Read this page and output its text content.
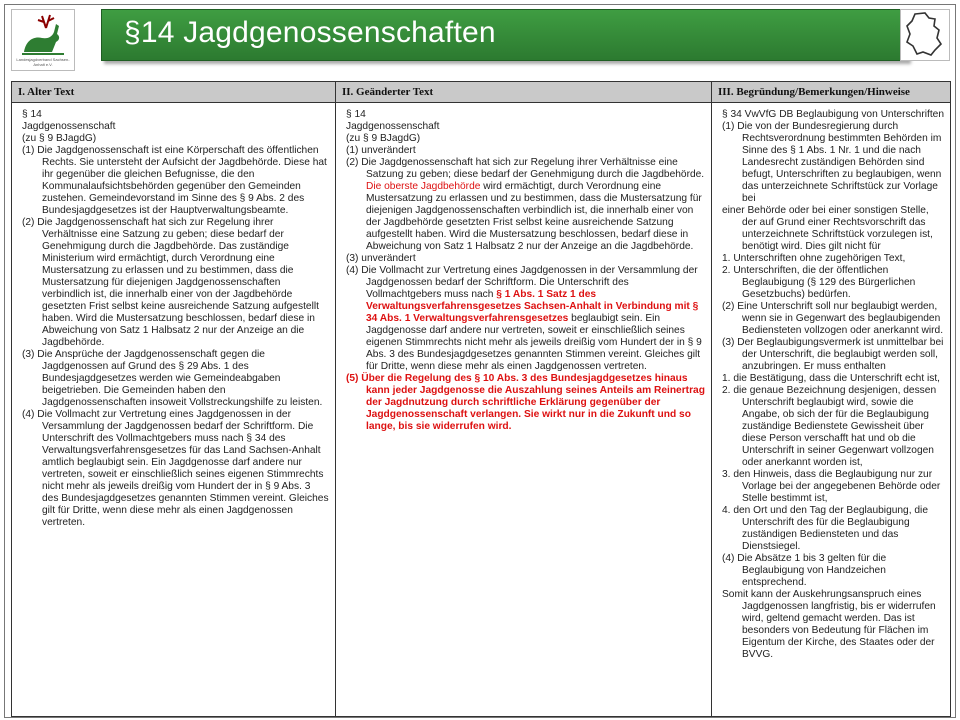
Landesjagdverband Sachsen-Anhalt e.V.
§14 Jagdgenossenschaften
I. Alter Text	II. Geänderter Text	III. Begründung/Bemerkungen/Hinweise

§ 14

Jagdgenossenschaft

(zu § 9 BJagdG)

(1) Die Jagdgenossenschaft ist eine Körperschaft des öffentlichen Rechts. Sie untersteht der Aufsicht der Jagdbehörde. Diese hat ihr gegenüber die gleichen Befugnisse, die den Kommunalaufsichtsbehörden gegenüber den Gemeinden zustehen. Gemeindevorstand im Sinne des § 9 Abs. 2 des Bundesjagdgesetzes ist der Hauptverwaltungsbeamte.

(2) Die Jagdgenossenschaft hat sich zur Regelung ihrer Verhältnisse eine Satzung zu geben; diese bedarf der Genehmigung durch die Jagdbehörde. Das zuständige Ministerium wird ermächtigt, durch Verordnung eine Mustersatzung zu erlassen und zu bestimmen, dass die Mustersatzung für diejenigen Jagdgenossenschaften verbindlich ist, die innerhalb einer von der Jagdbehörde gesetzten Frist selbst keine ausreichende Satzung aufgestellt haben. Wird die Mustersatzung beschlossen, bedarf diese in Abweichung von Satz 1 Halbsatz 2 nur der Anzeige an die Jagdbehörde.

(3) Die Ansprüche der Jagdgenossenschaft gegen die Jagdgenossen auf Grund des § 29 Abs. 1 des Bundesjagdgesetzes werden wie Gemeindeabgaben beigetrieben. Die Gemeinden haben den Jagdgenossenschaften insoweit Vollstreckungshilfe zu leisten.

(4) Die Vollmacht zur Vertretung eines Jagdgenossen in der Versammlung der Jagdgenossen bedarf der Schriftform. Die Unterschrift des Vollmachtgebers muss nach § 34 des Verwaltungsverfahrensgesetzes für das Land Sachsen-Anhalt amtlich beglaubigt sein. Ein Jagdgenosse darf andere nur vertreten, soweit er einschließlich seines eigenen Stimmrechts nicht mehr als jeweils dreißig vom Hundert der in § 9 Abs. 3 des Bundesjagdgesetzes genannten Stimmen vereint. Gleiches gilt für Dritte, wenn diese mehr als einen Jagdgenossen vertreten.

§ 14

Jagdgenossenschaft

(zu § 9 BJagdG)

(1) unverändert

(2) Die Jagdgenossenschaft hat sich zur Regelung ihrer Verhältnisse eine Satzung zu geben; diese bedarf der Genehmigung durch die Jagdbehörde. Die oberste Jagdbehörde wird ermächtigt, durch Verordnung eine Mustersatzung zu erlassen und zu bestimmen, dass die Mustersatzung für diejenigen Jagdgenossenschaften verbindlich ist, die innerhalb einer von der Jagdbehörde gesetzten Frist selbst keine ausreichende Satzung aufgestellt haben. Wird die Mustersatzung beschlossen, bedarf diese in Abweichung von Satz 1 Halbsatz 2 nur der Anzeige an die Jagdbehörde.

(3) unverändert

(4) Die Vollmacht zur Vertretung eines Jagdgenossen in der Versammlung der Jagdgenossen bedarf der Schriftform. Die Unterschrift des Vollmachtgebers muss nach § 1 Abs. 1 Satz 1 des Verwaltungsverfahrensgesetzes Sachsen-Anhalt in Verbindung mit § 34 Abs. 1 Verwaltungsverfahrensgesetzes beglaubigt sein. Ein Jagdgenosse darf andere nur vertreten, soweit er einschließlich seines eigenen Stimmrechts nicht mehr als jeweils dreißig vom Hundert der in § 9 Abs. 3 des Bundesjagdgesetzes genannten Stimmen vereint. Gleiches gilt für Dritte, wenn diese mehr als einen Jagdgenossen vertreten.

(5) Über die Regelung des § 10 Abs. 3 des Bundesjagdgesetzes hinaus kann jeder Jagdgenosse die Auszahlung seines Anteils am Reinertrag der Jagdnutzung durch schriftliche Erklärung gegenüber der Jagdgenossenschaft verlangen. Sie wirkt nur in die Zukunft und so lange, bis sie widerrufen wird.

§ 34 VwVfG DB Beglaubigung von Unterschriften

(1) Die von der Bundesregierung durch Rechtsverordnung bestimmten Behörden im Sinne des § 1 Abs. 1 Nr. 1 und die nach Landesrecht zuständigen Behörden sind befugt, Unterschriften zu beglaubigen, wenn das unterzeichnete Schriftstück zur Vorlage bei

einer Behörde oder bei einer sonstigen Stelle, der auf Grund einer Rechtsvorschrift das unterzeichnete Schriftstück vorzulegen ist, benötigt wird. Dies gilt nicht für

1. Unterschriften ohne zugehörigen Text,

2. Unterschriften, die der öffentlichen Beglaubigung (§ 129 des Bürgerlichen Gesetzbuchs) bedürfen.

(2) Eine Unterschrift soll nur beglaubigt werden, wenn sie in Gegenwart des beglaubigenden Bediensteten vollzogen oder anerkannt wird.

(3) Der Beglaubigungsvermerk ist unmittelbar bei der Unterschrift, die beglaubigt werden soll, anzubringen. Er muss enthalten

1. die Bestätigung, dass die Unterschrift echt ist,

2. die genaue Bezeichnung desjenigen, dessen Unterschrift beglaubigt wird, sowie die Angabe, ob sich der für die Beglaubigung zuständige Bedienstete Gewissheit über diese Person verschafft hat und ob die Unterschrift in seiner Gegenwart vollzogen oder anerkannt worden ist,

3. den Hinweis, dass die Beglaubigung nur zur Vorlage bei der angegebenen Behörde oder Stelle bestimmt ist,

4. den Ort und den Tag der Beglaubigung, die Unterschrift des für die Beglaubigung zuständigen Bediensteten und das Dienstsiegel.

(4) Die Absätze 1 bis 3 gelten für die Beglaubigung von Handzeichen entsprechend.

Somit kann der Auskehrungsanspruch eines Jagdgenossen langfristig, bis er widerrufen wird, geltend gemacht werden. Das ist besonders von Bedeutung für Flächen im Eigentum der Kirche, des Staates oder der BVVG.
